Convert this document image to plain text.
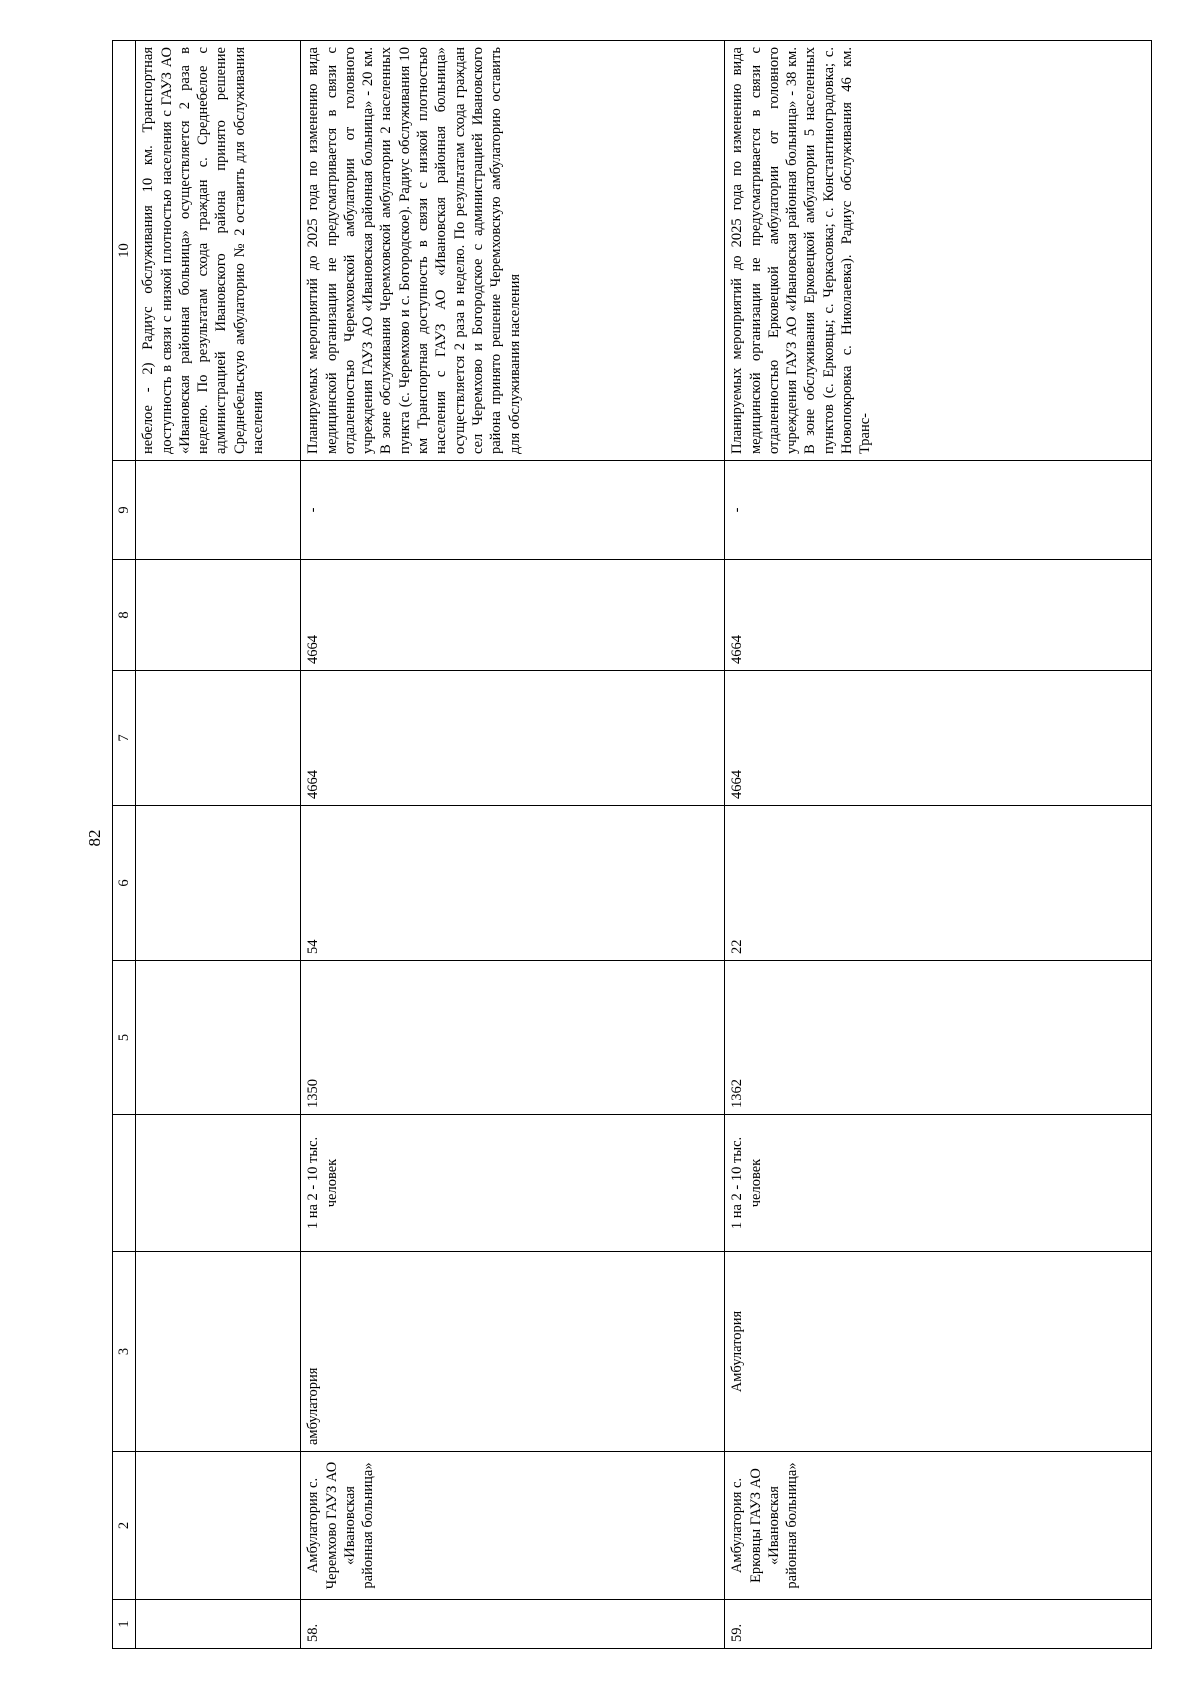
82
1	2	3		5	6	7	8	9	10
									небелое - 2) Радиус обслуживания 10 км. Транспортная доступность в связи с низкой плотностью населения с ГАУЗ АО «Ивановская районная больница» осуществляется 2 раза в неделю. По результатам схода граждан с. Среднебелое с администрацией Ивановского района принято решение Среднебельскую амбулаторию № 2 оставить для обслуживания населения
58.	Амбулатория с. Черемхово ГАУЗ АО «Ивановская районная больница»	амбулатория	1 на 2 - 10 тыс. человек	1350	54	4664	4664	-	Планируемых мероприятий до 2025 года по изменению вида медицинской организации не предусматривается в связи с отдаленностью Черемховской амбулатории от головного учреждения ГАУЗ АО «Ивановская районная больница» - 20 км. В зоне обслуживания Черемховской амбулатории 2 населенных пункта (с. Черемхово и с. Богородское). Радиус обслуживания 10 км Транспортная доступность в связи с низкой плотностью населения с ГАУЗ АО «Ивановская районная больница» осуществляется 2 раза в неделю. По результатам схода граждан сел Черемхово и Богородское с администрацией Ивановского района принято решение Черемховскую амбулаторию оставить для обслуживания населения
59.	Амбулатория с. Ерковцы ГАУЗ АО «Ивановская районная больница»	Амбулатория	1 на 2 - 10 тыс. человек	1362	22	4664	4664	-	Планируемых мероприятий до 2025 года по изменению вида медицинской организации не предусматривается в связи с отдаленностью Ерковецкой амбулатории от головного учреждения ГАУЗ АО «Ивановская районная больница» - 38 км. В зоне обслуживания Ерковецкой амбулатории 5 населенных пунктов (с. Ерковцы; с. Черкасовка; с. Константиноградовка; с. Новопокровка с. Николаевка). Радиус обслуживания 46 км. Транс-
